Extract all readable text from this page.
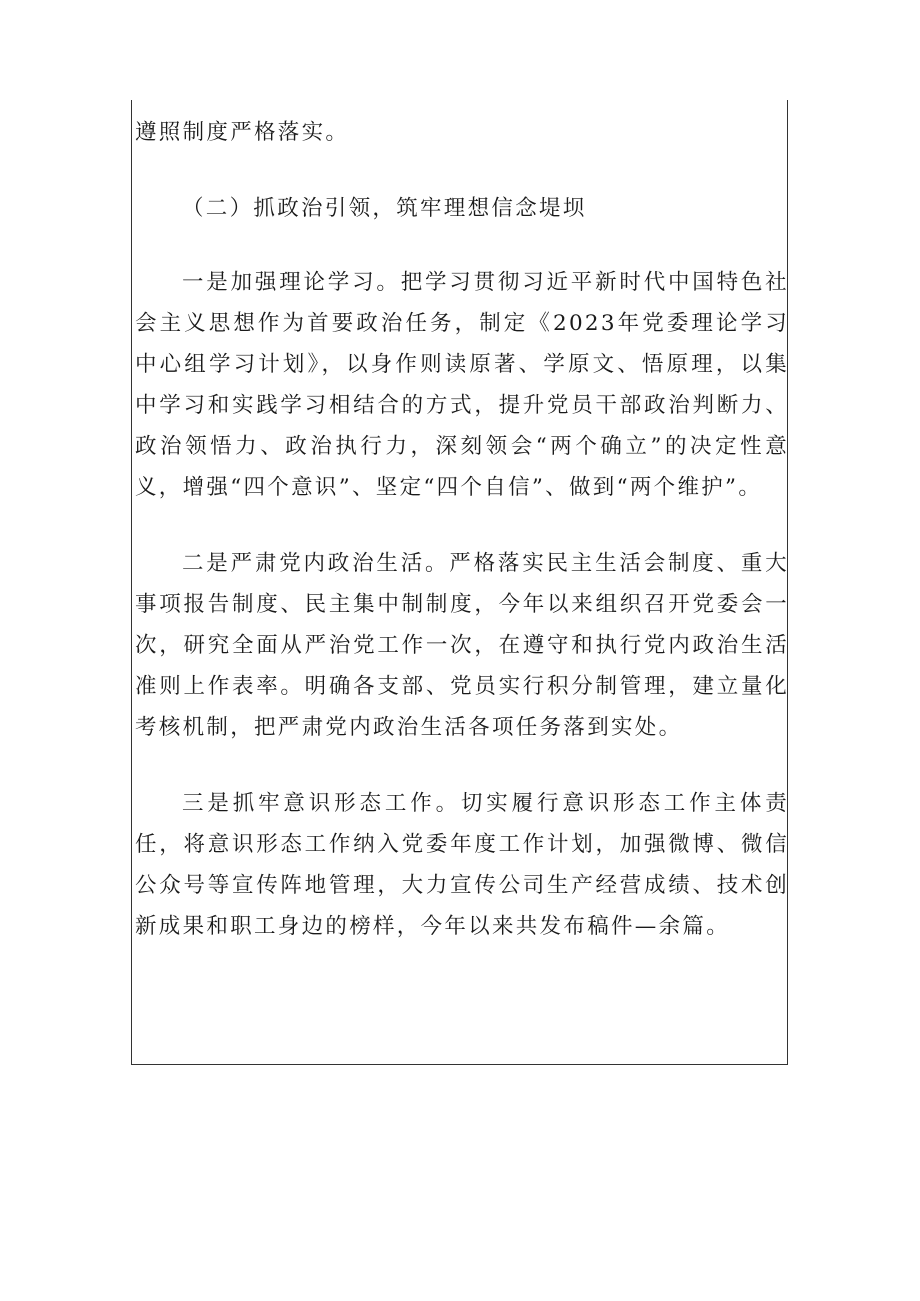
遵照制度严格落实。

（二）抓政治引领，筑牢理想信念堤坝

一是加强理论学习。把学习贯彻习近平新时代中国特色社会主义思想作为首要政治任务，制定《2023年党委理论学习中心组学习计划》，以身作则读原著、学原文、悟原理，以集中学习和实践学习相结合的方式，提升党员干部政治判断力、政治领悟力、政治执行力，深刻领会“两个确立”的决定性意义，增强“四个意识”、坚定“四个自信”、做到“两个维护”。

二是严肃党内政治生活。严格落实民主生活会制度、重大事项报告制度、民主集中制制度，今年以来组织召开党委会一次，研究全面从严治党工作一次，在遵守和执行党内政治生活准则上作表率。明确各支部、党员实行积分制管理，建立量化考核机制，把严肃党内政治生活各项任务落到实处。

三是抓牢意识形态工作。切实履行意识形态工作主体责任，将意识形态工作纳入党委年度工作计划，加强微博、微信公众号等宣传阵地管理，大力宣传公司生产经营成绩、技术创新成果和职工身边的榜样，今年以来共发布稿件—余篇。
